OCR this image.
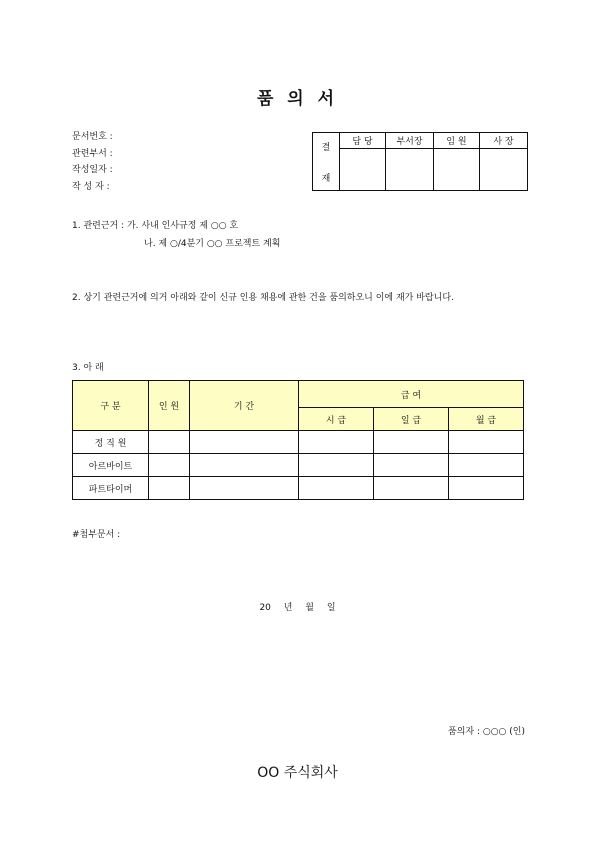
품 의 서
문서번호 :
관련부서 :
작성일자 :
작 성 자 :
결
재	담 당	부서장	임 원	사 장

1. 관련근거 : 가. 사내 인사규정 제 ○○ 호
나. 제 ○/4분기 ○○ 프로젝트 계획
2. 상기 관련근거에 의거 아래와 같이 신규 인용 채용에 관한 건을 품의하오니 이에 재가 바랍니다.
3. 아 래
구 분	인 원	기 간	급 여		
			시 급	일 급	월 급
정 직 원					
아르바이트					
파트타이머					
#첨부문서 :
20 년 월 일
품의자 : ○○○ (인)
OO 주식회사
